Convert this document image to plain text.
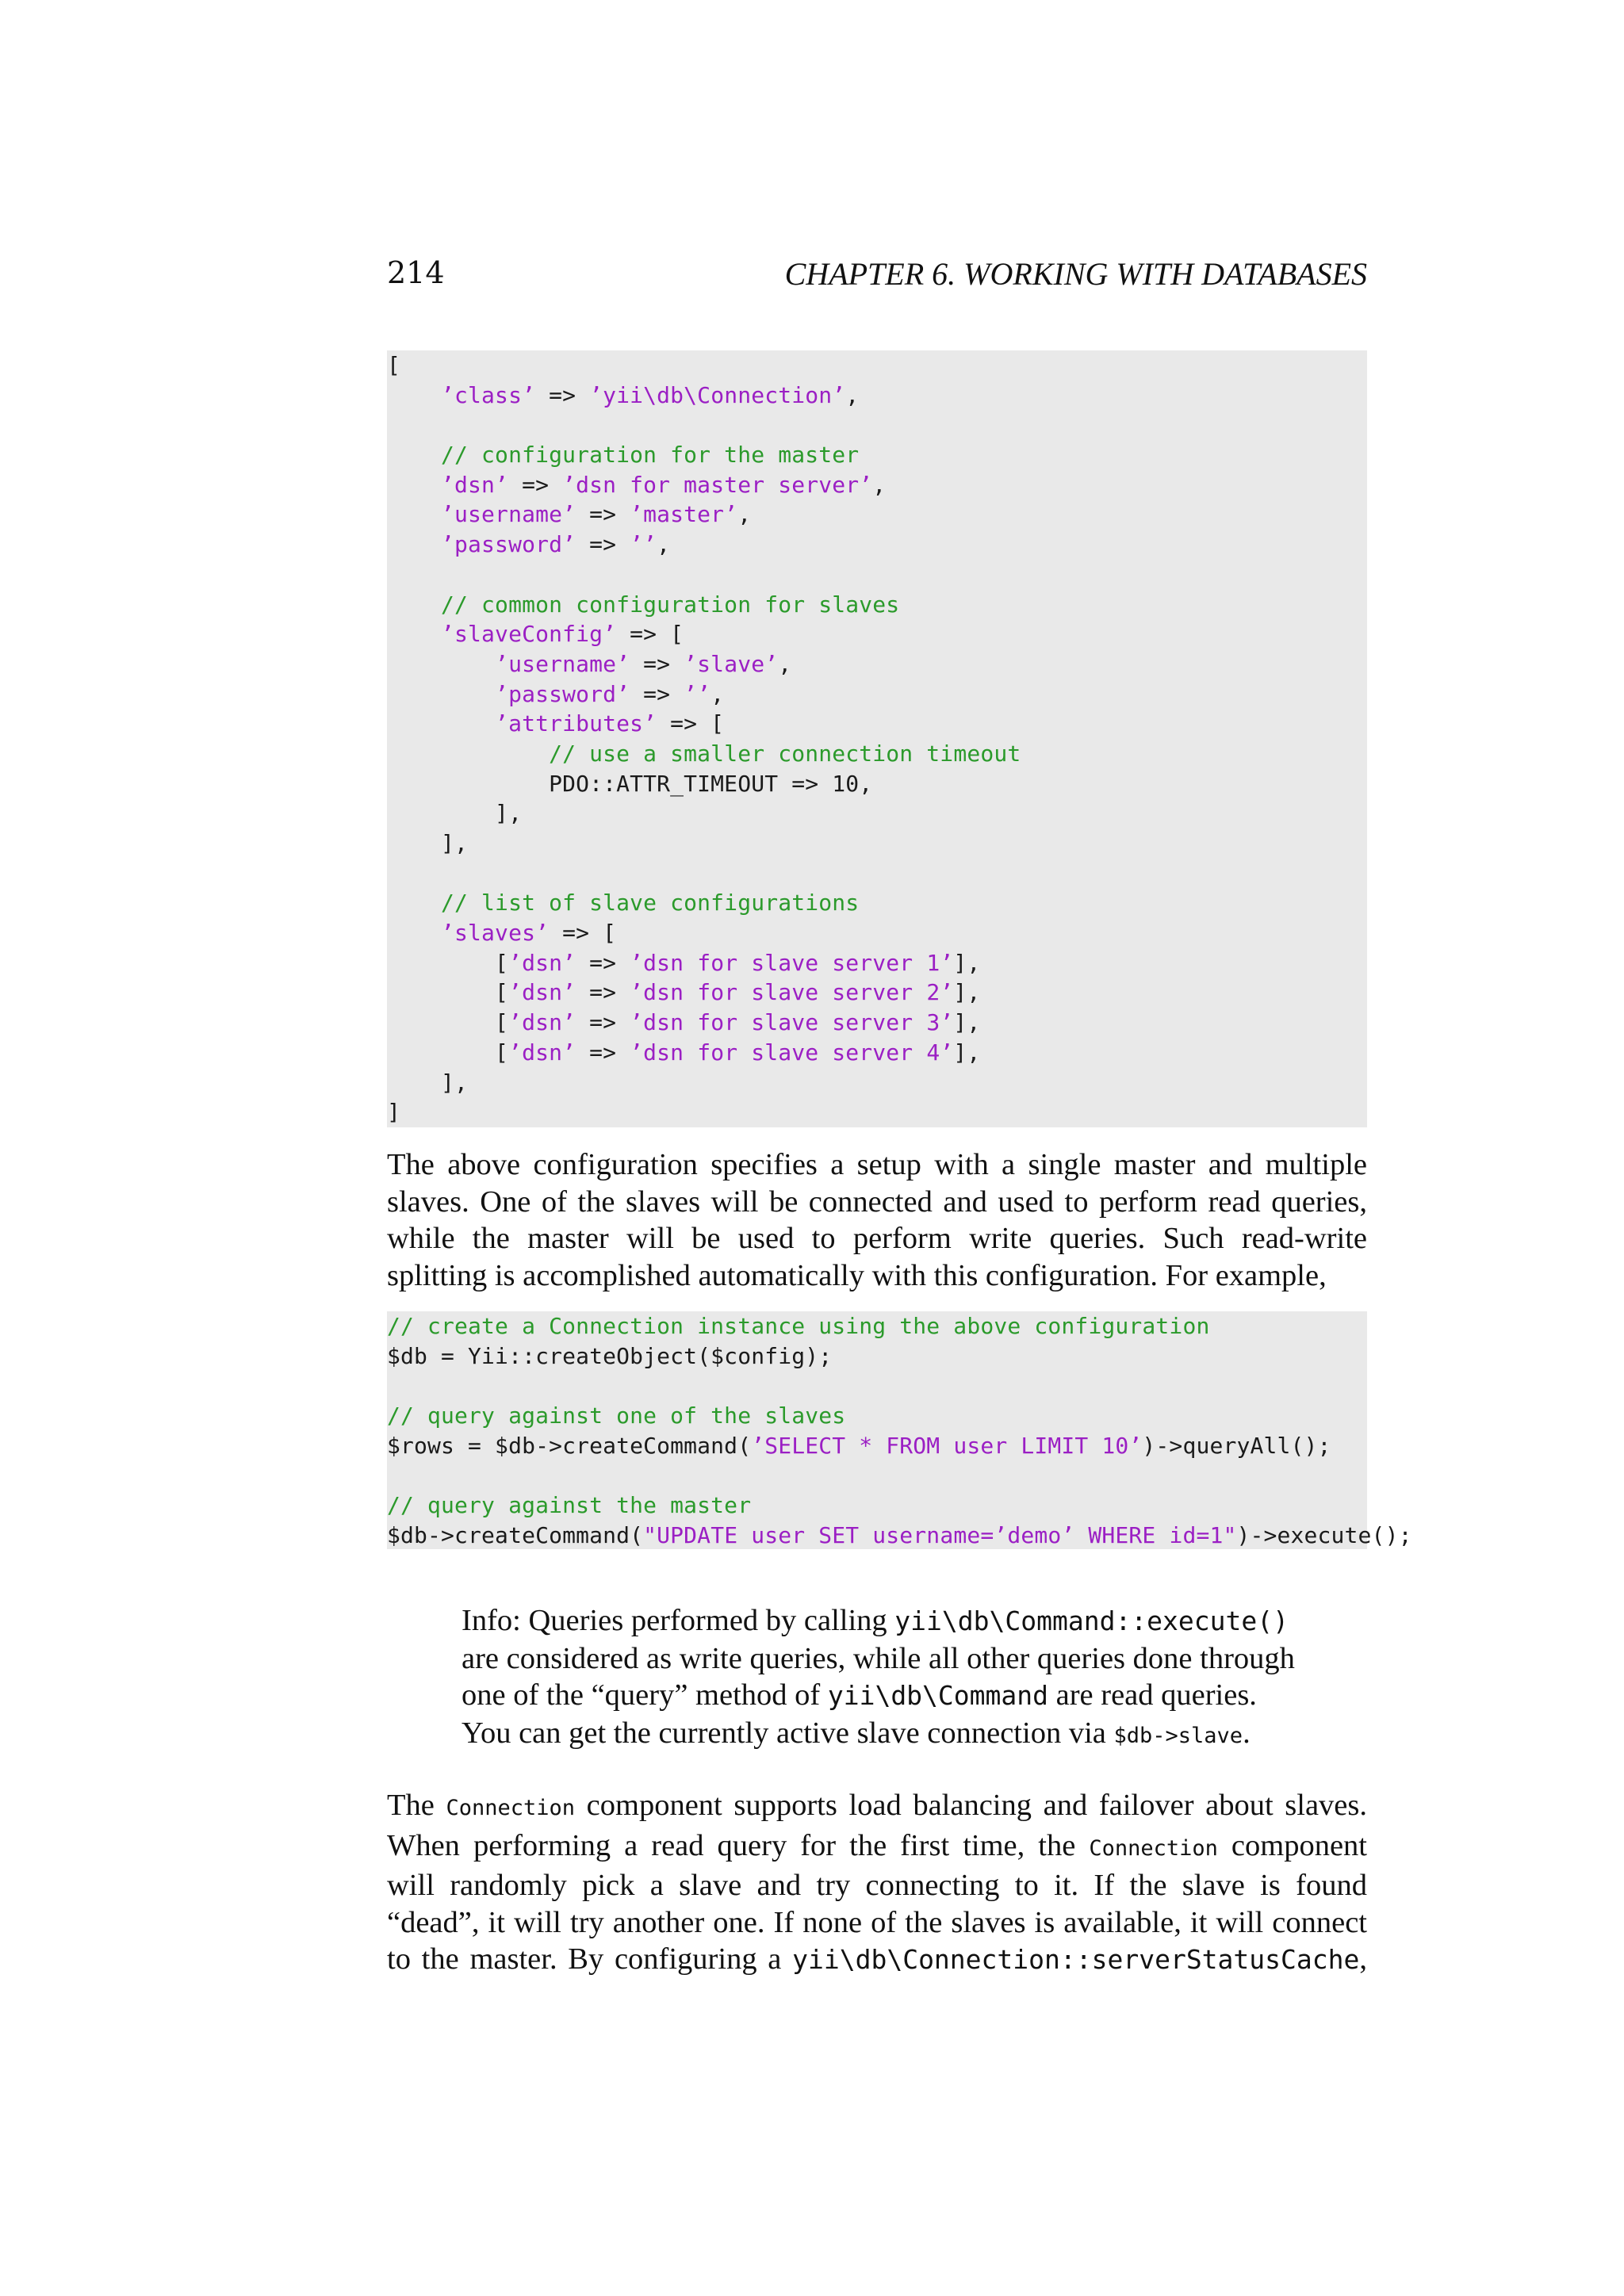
214	CHAPTER 6. WORKING WITH DATABASES
[
’class’ => ’yii\db\Connection’,

// configuration for the master
’dsn’ => ’dsn for master server’,
’username’ => ’master’,
’password’ => ’’,

// common configuration for slaves
’slaveConfig’ => [
’username’ => ’slave’,
’password’ => ’’,
’attributes’ => [
// use a smaller connection timeout
PDO::ATTR_TIMEOUT => 10,
],
],

// list of slave configurations
’slaves’ => [
[’dsn’ => ’dsn for slave server 1’],
[’dsn’ => ’dsn for slave server 2’],
[’dsn’ => ’dsn for slave server 3’],
[’dsn’ => ’dsn for slave server 4’],
],
]
The above configuration specifies a setup with a single master and multiple
slaves. One of the slaves will be connected and used to perform read queries,
while the master will be used to perform write queries. Such read-write
splitting is accomplished automatically with this configuration. For example,
// create a Connection instance using the above configuration
$db = Yii::createObject($config);

// query against one of the slaves
$rows = $db->createCommand(’SELECT * FROM user LIMIT 10’)->queryAll();

// query against the master
$db->createCommand("UPDATE user SET username=’demo’ WHERE id=1")->execute();
Info: Queries performed by calling yii\db\Command::execute()
are considered as write queries, while all other queries done through
one of the “query” method of yii\db\Command are read queries.
You can get the currently active slave connection via $db->slave.
The Connection component supports load balancing and failover about slaves.
When performing a read query for the first time, the Connection component
will randomly pick a slave and try connecting to it. If the slave is found
“dead”, it will try another one. If none of the slaves is available, it will connect
to the master. By configuring a yii\db\Connection::serverStatusCache,
